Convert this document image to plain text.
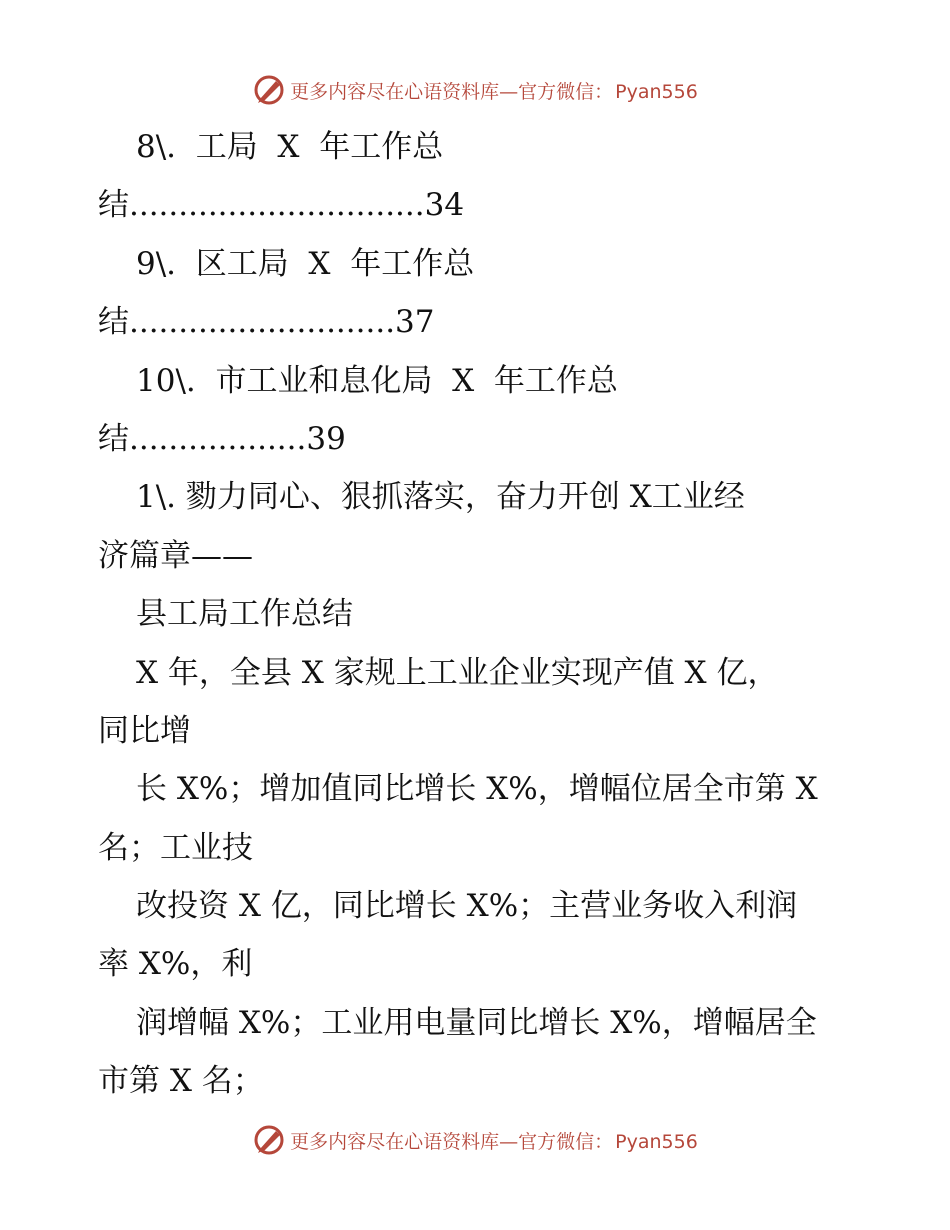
更多内容尽在心语资料库—官方微信： Pyan556
8\.  工局  X  年工作总
结..............................34
9\.  区工局  X  年工作总
结...........................37
10\.  市工业和息化局  X  年工作总
结..................39
1\. 勠力同心、狠抓落实，奋力开创 X工业经
济篇章——
县工局工作总结
X 年，全县 X 家规上工业企业实现产值 X 亿，
同比增
长 X%；增加值同比增长 X%，增幅位居全市第 X
名；工业技
改投资 X 亿，同比增长 X%；主营业务收入利润
率 X%，利
润增幅 X%；工业用电量同比增长 X%，增幅居全
市第 X 名；
更多内容尽在心语资料库—官方微信： Pyan556
